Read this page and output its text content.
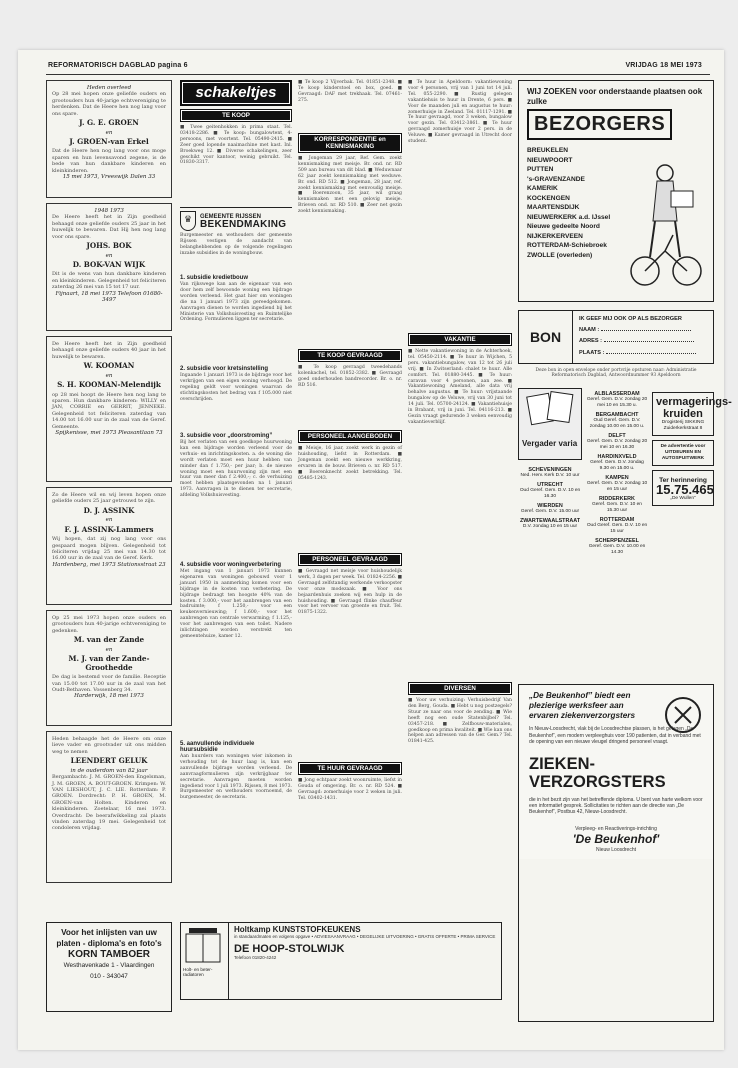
REFORMATORISCH DAGBLAD pagina 6	VRIJDAG 18 MEI 1973
Heden overleed
Op 28 mei hopen onze geliefde ouders en grootouders hun 40-jarige echtvereniging te herdenken. Dat de Heere hen nog lang voor ons spare.
J. G. E. GROEN
en
J. GROEN-van Erkel
Dat de Heere hen nog lang voor ons moge sparen en hun levensavond zegene, is de bede van hun dankbare kinderen en kleinkinderen.
15 mei 1973, Vreeswijk Dalen 33
1948 1973
De Heere heeft het in Zijn goedheid behaagd onze geliefde ouders 25 jaar in het huwelijk te bewaren. Dat Hij hen nog lang voor ons spare.
JOHS. BOK
en
D. BOK-VAN WIJK
Dit is de wens van hun dankbare kinderen en kleinkinderen. Gelegenheid tot feliciteren zaterdag 26 mei van 15 tot 17 uur.
Fijnaart, 18 mei 1973 Telefoon 01680-3497
De Heere heeft het in Zijn goedheid behaagd onze geliefde ouders 40 jaar in het huwelijk te bewaren.
W. KOOMAN
en
S. H. KOOMAN-Melendijk
op 28 mei hoopt de Heere hen nog lang te sparen. Hun dankbare kinderen: WILLY en JAN, CORRIE en GERRIT, JENNEKE. Gelegenheid tot feliciteren zaterdag van 14.00 tot 16.00 uur in de zaal van de Geref. Gemeente.
Spijkenisse, mei 1973 Pleasantlaan 73
Zo de Heere wil en wij leven hopen onze geliefde ouders 25 jaar getrouwd te zijn.
D. J. ASSINK
en
F. J. ASSINK-Lammers
Wij hopen, dat zij nog lang voor ons gespaard mogen blijven. Gelegenheid tot feliciteren vrijdag 25 mei van 14.30 tot 16.00 uur in de zaal van de Geref. Kerk.
Hardenberg, mei 1973 Stationsstraat 23
Op 25 mei 1973 hopen onze ouders en grootouders hun 40-jarige echtvereniging te gedenken.
M. van der Zande
en
M. J. van der Zande-Groothedde
De dag is bestemd voor de familie. Receptie van 15.00 tot 17.00 uur in de zaal van het Oudt-Bethaven. Vossenberg 34.
Harderwijk, 18 mei 1973
Heden behaagde het de Heere om onze lieve vader en grootvader uit ons midden weg te nemen
LEENDERT GELUK
in de ouderdom van 82 jaar
Bergambacht: J. M. GROEN-den Engelsman, J. M. GROEN, A. BOUT-GROEN. Krimpen: W. VAN LIESHOUT, J. C. LIE. Rotterdam: P. GROEN. Dordrecht: P. H. GROEN, M. GROEN-van Holten. Kinderen en kleinkinderen. Zoetelaar, 16 mei 1973. Overdracht: De beerafwikkeling zal plaats vinden zaterdag 19 mei. Gelegenheid tot condoleren vrijdag.
schakeltjes
TE KOOP
■ Twee geitenhokken in prima staat. Tel. 03418-2286. ■ Te koop: bungalowtent, 4-persoons, met voortent. Tel. 05490-2415. ■ Zeer goed lopende naaimachine met kast. Inl. Broekweg 12. ■ Diverse schakelingen, zeer geschikt voor kantoor, weinig gebruikt. Tel. 01830-3317.
♛	GEMEENTE RIJSSEN
BEKENDMAKING
Burgemeester en wethouders der gemeente Rijssen vestigen de aandacht van belanghebbenden op de volgende regelingen inzake subsidies in de woningbouw.
1. subsidie kredietbouw
Van rijkswege kan aan de eigenaar van een door hem zelf bewoonde woning een bijdrage worden verleend. Het gaat hier om woningen die na 1 januari 1973 zijn gereedgekomen. Aanvragen dienen te worden ingediend bij het Ministerie van Volkshuisvesting en Ruimtelijke Ordening. Formulieren liggen ter secretarie.
2. subsidie voor kretsinstelling
Ingaande 1 januari 1973 is de bijdrage voor het verkrijgen van een eigen woning verhoogd. De regeling geldt voor woningen waarvan de stichtingskosten het bedrag van f 105.000 niet overschrijden.
3. subsidie voor „doorstroming”
Bij het verlaten van een goedkope huurwoning kan een bijdrage worden verleend voor de verhuis- en inrichtingskosten. a. de woning die wordt verlaten moet een huur hebben van minder dan f 1.750,- per jaar; b. de nieuwe woning moet een huurwoning zijn met een huur van meer dan f 2.400,-; c. de verhuizing moet hebben plaatsgevonden na 1 januari 1973. Aanvragen in te dienen ter secretarie, afdeling Volkshuisvesting.
4. subsidie voor woningverbetering
Met ingang van 1 januari 1973 kunnen eigenaren van woningen gebouwd voor 1 januari 1950 in aanmerking komen voor een bijdrage in de kosten van verbetering. De bijdrage bedraagt ten hoogste 40% van de kosten. f 3.000,- voor het aanbrengen van een badruimte; f 1.250,- voor een keukenvernieuwing; f 1.600,- voor het aanbrengen van centrale verwarming; f 1.125,- voor het aanbrengen van een toilet. Nadere inlichtingen worden verstrekt ten gemeentehuize, kamer 12.
5. aanvullende individuele huursubsidie
Aan huurders van woningen wier inkomen in verhouding tot de huur laag is, kan een aanvullende bijdrage worden verleend. De aanvraagformulieren zijn verkrijgbaar ter secretarie. Aanvragen moeten worden ingediend voor 1 juli 1973. Rijssen, 8 mei 1973. Burgemeester en wethouders voornoemd, de burgemeester, de secretaris.
■ Te koop 2 Vijverbak. Tel. 01851-2348. ■ Te koop kinderstoel en box, goed. ■ Gevraagd: DAF met trekhaak. Tel. 07461-275.
KORRESPONDENTIE en KENNISMAKING
■ Jongeman 29 jaar, Ref. Gem. zoekt kennismaking met meisje. Br. ond. nr. RD 509 aan bureau van dit blad. ■ Weduwnaar 62 jaar zoekt kennismaking met weduwe. Br. ond. RD 512. ■ Jongeman, 28 jaar, ref. zoekt kennismaking met eenvoudig meisje. ■ Boerenzoon, 35 jaar, wil graag kennismaken met een gelovig meisje. Brieven ond. nr. RD 510. ■ Zeer net gezin zoekt kennismaking.
TE KOOP GEVRAAGD
■ Te koop gevraagd tweedehands kolenkachel, tel. 01852-3382. ■ Gevraagd goed onderhouden bandrecorder. Br. o. nr. RD 516.
PERSONEEL AANGEBODEN
■ Meisje, 16 jaar, zoekt werk in gezin of huishouding, liefst in Rotterdam. ■ Jongeman zoekt een nieuwe werkkring, ervaren in de bouw. Brieven o. nr. RD 517. ■ Boerenknecht zoekt betrekking. Tel. 05485-1243.
PERSONEEL GEVRAAGD
■ Gevraagd net meisje voor huishoudelijk werk, 3 dagen per week. Tel. 01824-2256. ■ Gevraagd zelfstandig werkende verkoopster voor onze modezaak. ■ Voor ons bejaardenhuis zoeken wij een hulp in de huishouding. ■ Gevraagd flinke chauffeur voor het vervoer van groente en fruit. Tel. 01875-1322.
TE HUUR GEVRAAGD
■ Jong echtpaar zoekt woonruimte, liefst in Gouda of omgeving. Br. o. nr. RD 524. ■ Gevraagd: zomerhuisje voor 2 weken in juli. Tel. 03402-1431.
■ Te huur in Apeldoorn: vakantiewoning voor 4 personen, vrij van 1 juni tot 14 juli. Tel. 055-2290. ■ Rustig gelegen vakantiehuis te huur in Drente, 6 pers. ■ Voor de maanden juli en augustus te huur: zomerhuisje in Zeeland. Tel. 01117-1291. ■ Te huur gevraagd, voor 3 weken, bungalow voor gezin. Tel. 03412-3861. ■ Te huur gevraagd zomerhuisje voor 2 pers. in de Veluwe. ■ Kamer gevraagd in Utrecht door student.
VAKANTIE
■ Nette vakantiewoning in de Achterhoek, tel. 05450-2114. ■ Te huur in Wijchen, 5 pers. vakantiebungalow, van 12 tot 26 juli vrij. ■ In Zwitserland: chalet te huur. Alle comfort. Tel. 01880-3445. ■ Te huur: caravan voor 4 personen, aan zee. ■ Vakantiewoning Ameland, alle data vrij behalve augustus. ■ Te huur: vrijstaande bungalow op de Veluwe, vrij van 30 juni tot 14 juli. Tel. 05700-24124. ■ Vakantiehuisje in Brabant, vrij in juni. Tel. 04116-213. ■ Gezin vraagt gedurende 3 weken eenvoudig vakantieverblijf.
DIVERSEN
■ Voor uw verhuizing: Verhuisbedrijf Van den Berg, Gouda. ■ Hebt u nog postzegels? Stuur ze naar ons voor de zending. ■ Wie heeft nog een oude Statenbijbel? Tel. 03457-218. ■ Zelfbouw-materialen, goedkoop en prima kwaliteit. ■ Wie kan ons helpen aan adressen van de Ger. Gem.? Tel. 01841-425.
Voor het inlijsten van uw
platen - diploma's en foto's
KORN TAMBOER
Westhavenkade 1 - Vlaardingen
010 - 343047
Holt- en beter-radiatoren
Holtkamp KUNSTSTOFKEUKENS
in standaardmaten en volgens opgave • ADVIESAANVRAAG • DEGELIJKE UITVOERING • GRATIS OFFERTE • PRIMA SERVICE
DE HOOP-STOLWIJK
Telefoon 01820-4242
WIJ ZOEKEN voor onderstaande plaatsen ook zulke
BEZORGERS
BREUKELEN
NIEUWPOORT
PUTTEN
's-GRAVENZANDE
KAMERIK
KOCKENGEN
MAARTENSDIJK
NIEUWERKERK a.d. IJssel
Nieuwe gedeelte Noord
NIJKERKERVEEN
ROTTERDAM-Schiebroek
ZWOLLE (overleden)
BON
IK GEEF MIJ OOK OP ALS BEZORGER
NAAM :
ADRES :
PLAATS :
Deze bon in open envelope onder portvrije opsturen naar: Administratie Reformatorisch Dagblad, Antwoordnummer 93 Apeldoorn
Vergader varia
ALBLASSERDAM
Geref. Gem. D.V. zondag 20 mei 10 en 15.30 u.
BERGAMBACHT
Oud Geref. Gem. D.V. zondag 10.00 en 15.00 u.
DELFT
Geref. Gem. D.V. zondag 20 mei 10 en 16.30
HARDINXVELD
Geref. Gem. D.V. zondag 9.30 en 15.00 u.
KAMPEN
Geref. Gem. D.V. zondag 10 en 15 uur
RIDDERKERK
Geref. Gem. D.V. 10 en 15.30 uur
ROTTERDAM
Oud Geref. Gem. D.V. 10 en 15 uur
SCHERPENZEEL
Geref. Gem. D.V. 10.00 en 14.30
SCHEVENINGEN
Ned. Herv. Kerk D.V. 10 uur
UTRECHT
Oud Geref. Gem. D.V. 10 en 16.30
WIERDEN
Geref. Gem. D.V. 15.00 uur
ZWARTEWAALSTRAAT
D.V. zondag 10 en 15 uur
vermagerings-kruiden
Drogisterij SIKKING
Zuiderkerkstraat 8
De advertentie voor UITDEUREN EN AUTOSPUITWERK
Ter herinnering
15.75.465
„De Wullen”
„De Beukenhof” biedt een plezierige werksfeer aan ervaren ziekenverzorgsters
In Nieuw-Loosdrecht, vlak bij de Loosdrechtse plassen, is het gelegen „De Beukenhof”, een modern verpleeghuis voor 190 patienten, dat in verband met de opening van een nieuwe vleugel dringend personeel vraagt.
ZIEKEN-VERZORGSTERS
die in het bezit zijn van het betreffende diploma. U bent van harte welkom voor een informatief gesprek. Sollicitaties te richten aan de directie van „De Beukenhof”, Postbus 42, Nieuw-Loosdrecht.
Verpleeg- en Reactiverings-inrichting
'De Beukenhof'
Nieuw Loosdrecht
